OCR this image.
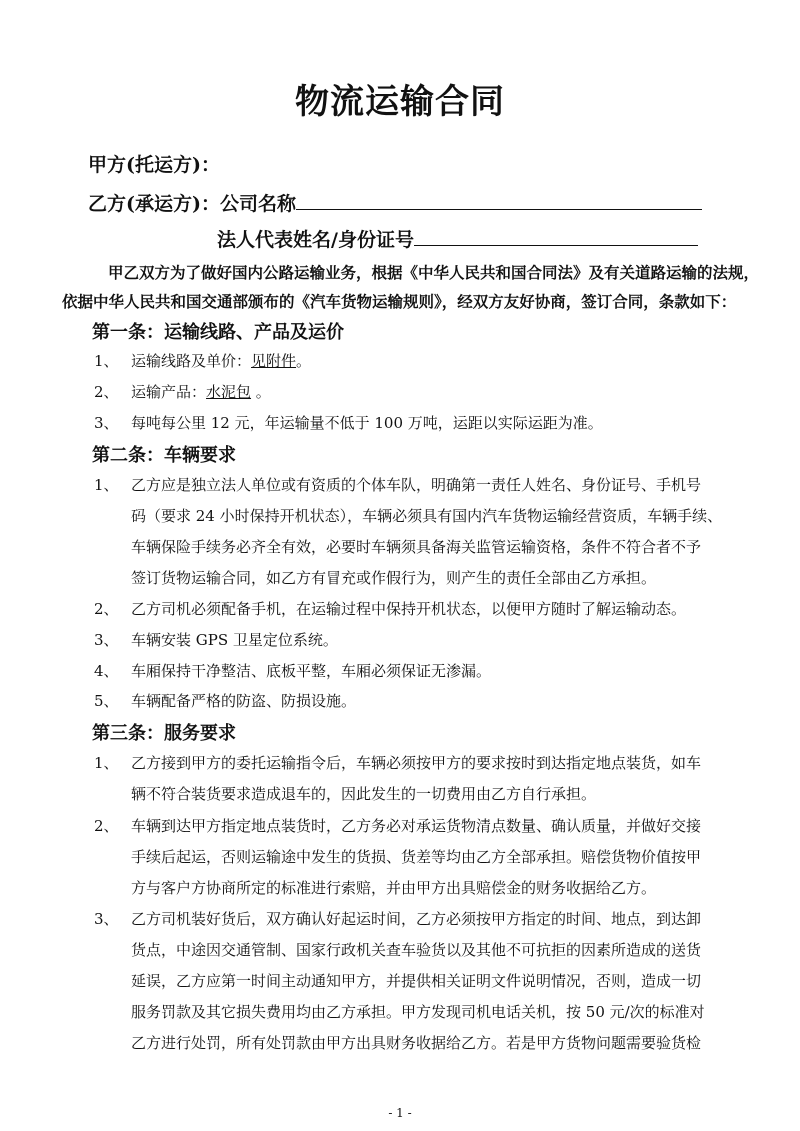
物流运输合同
甲方(托运方)：
乙方(承运方)：公司名称
法人代表姓名/身份证号
甲乙双方为了做好国内公路运输业务，根据《中华人民共和国合同法》及有关道路运输的法规，
依据中华人民共和国交通部颁布的《汽车货物运输规则》，经双方友好协商，签订合同，条款如下：
第一条：运输线路、产品及运价
1、 运输线路及单价：见附件。
2、 运输产品：水泥包 。
3、 每吨每公里 12 元，年运输量不低于 100 万吨，运距以实际运距为准。
第二条：车辆要求
1、 乙方应是独立法人单位或有资质的个体车队，明确第一责任人姓名、身份证号、手机号
码（要求 24 小时保持开机状态），车辆必须具有国内汽车货物运输经营资质，车辆手续、
车辆保险手续务必齐全有效，必要时车辆须具备海关监管运输资格，条件不符合者不予
签订货物运输合同，如乙方有冒充或作假行为，则产生的责任全部由乙方承担。
2、 乙方司机必须配备手机，在运输过程中保持开机状态，以便甲方随时了解运输动态。
3、 车辆安装 GPS 卫星定位系统。
4、 车厢保持干净整洁、底板平整，车厢必须保证无渗漏。
5、 车辆配备严格的防盗、防损设施。
第三条：服务要求
1、 乙方接到甲方的委托运输指令后，车辆必须按甲方的要求按时到达指定地点装货，如车
辆不符合装货要求造成退车的，因此发生的一切费用由乙方自行承担。
2、 车辆到达甲方指定地点装货时，乙方务必对承运货物清点数量、确认质量，并做好交接
手续后起运，否则运输途中发生的货损、货差等均由乙方全部承担。赔偿货物价值按甲
方与客户方协商所定的标准进行索赔，并由甲方出具赔偿金的财务收据给乙方。
3、 乙方司机装好货后，双方确认好起运时间，乙方必须按甲方指定的时间、地点，到达卸
货点，中途因交通管制、国家行政机关查车验货以及其他不可抗拒的因素所造成的送货
延误，乙方应第一时间主动通知甲方，并提供相关证明文件说明情况，否则，造成一切
服务罚款及其它损失费用均由乙方承担。甲方发现司机电话关机，按 50 元/次的标准对
乙方进行处罚，所有处罚款由甲方出具财务收据给乙方。若是甲方货物问题需要验货检
- 1 -
